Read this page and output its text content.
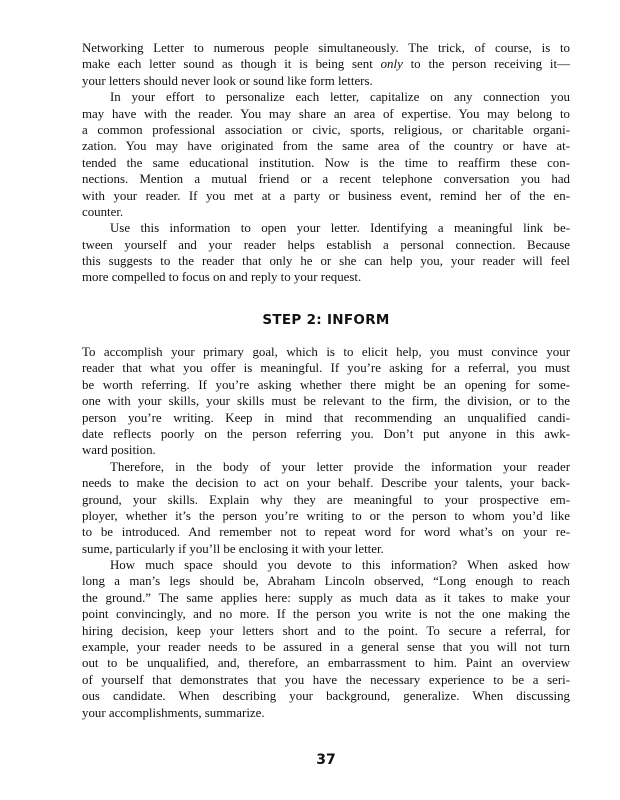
Networking Letter to numerous people simultaneously. The trick, of course, is to
make each letter sound as though it is being sent only to the person receiving it—
your letters should never look or sound like form letters.
In your effort to personalize each letter, capitalize on any connection you
may have with the reader. You may share an area of expertise. You may belong to
a common professional association or civic, sports, religious, or charitable organi-
zation. You may have originated from the same area of the country or have at-
tended the same educational institution. Now is the time to reaffirm these con-
nections. Mention a mutual friend or a recent telephone conversation you had
with your reader. If you met at a party or business event, remind her of the en-
counter.
Use this information to open your letter. Identifying a meaningful link be-
tween yourself and your reader helps establish a personal connection. Because
this suggests to the reader that only he or she can help you, your reader will feel
more compelled to focus on and reply to your request.
STEP 2: INFORM
To accomplish your primary goal, which is to elicit help, you must convince your
reader that what you offer is meaningful. If you’re asking for a referral, you must
be worth referring. If you’re asking whether there might be an opening for some-
one with your skills, your skills must be relevant to the firm, the division, or to the
person you’re writing. Keep in mind that recommending an unqualified candi-
date reflects poorly on the person referring you. Don’t put anyone in this awk-
ward position.
Therefore, in the body of your letter provide the information your reader
needs to make the decision to act on your behalf. Describe your talents, your back-
ground, your skills. Explain why they are meaningful to your prospective em-
ployer, whether it’s the person you’re writing to or the person to whom you’d like
to be introduced. And remember not to repeat word for word what’s on your re-
sume, particularly if you’ll be enclosing it with your letter.
How much space should you devote to this information? When asked how
long a man’s legs should be, Abraham Lincoln observed, “Long enough to reach
the ground.” The same applies here: supply as much data as it takes to make your
point convincingly, and no more. If the person you write is not the one making the
hiring decision, keep your letters short and to the point. To secure a referral, for
example, your reader needs to be assured in a general sense that you will not turn
out to be unqualified, and, therefore, an embarrassment to him. Paint an overview
of yourself that demonstrates that you have the necessary experience to be a seri-
ous candidate. When describing your background, generalize. When discussing
your accomplishments, summarize.
37
